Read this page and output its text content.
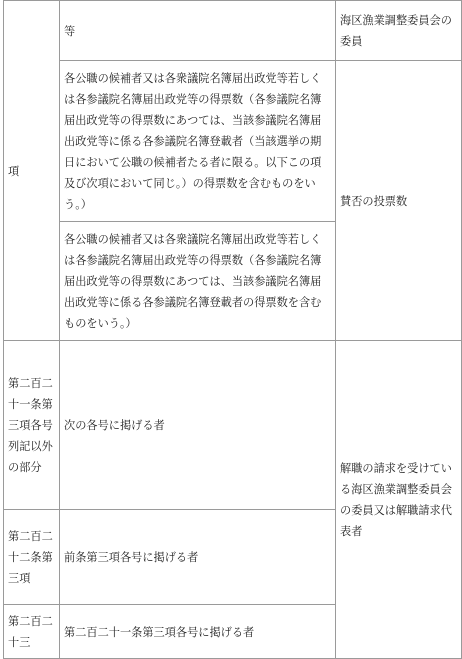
項	等	海区漁業調整委員会の委員
	各公職の候補者又は各衆議院名簿届出政党等若しくは各参議院名簿届出政党等の得票数（各参議院名簿届出政党等の得票数にあつては、当該参議院名簿届出政党等に係る各参議院名簿登載者（当該選挙の期日において公職の候補者たる者に限る。以下この項及び次項において同じ。）の得票数を含むものをいう。）	賛否の投票数
	各公職の候補者又は各衆議院名簿届出政党等若しくは各参議院名簿届出政党等の得票数（各参議院名簿届出政党等の得票数にあつては、当該参議院名簿届出政党等に係る各参議院名簿登載者の得票数を含むものをいう。）	
第二百二十一条第三項各号列記以外の部分	次の各号に掲げる者	解職の請求を受けている海区漁業調整委員会の委員又は解職請求代表者
第二百二十二条第三項	前条第三項各号に掲げる者	
第二百二十三	第二百二十一条第三項各号に掲げる者	
